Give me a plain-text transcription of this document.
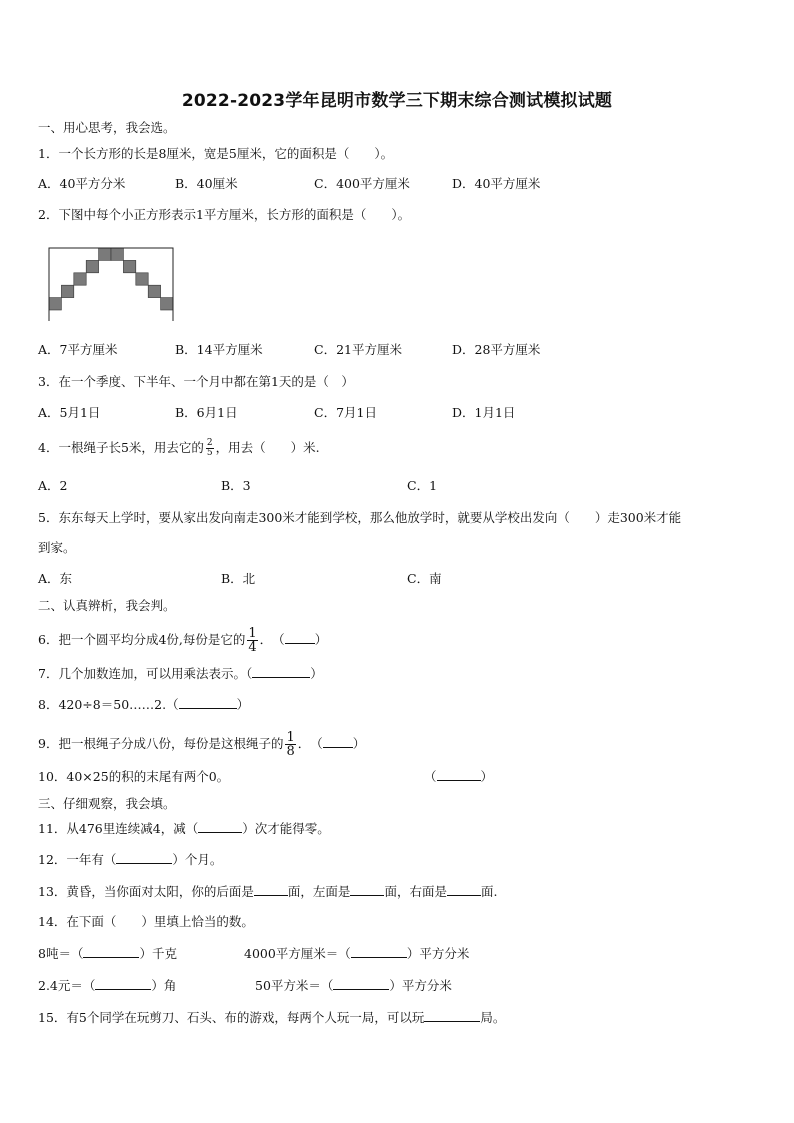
2022-2023学年昆明市数学三下期末综合测试模拟试题
一、用心思考，我会选。
1．一个长方形的长是8厘米，宽是5厘米，它的面积是（　　）。
A．40平方分米	B．40厘米	C．400平方厘米	D．40平方厘米
2．下图中每个小正方形表示1平方厘米，长方形的面积是（　　）。
A．7平方厘米	B．14平方厘米	C．21平方厘米	D．28平方厘米
3．在一个季度、下半年、一个月中都在第1天的是（　）
A．5月1日	B．6月1日	C．7月1日	D．1月1日
4．一根绳子长5米，用去它的 $\frac{2}{5}$ ，用去（　　）米.
A．2	B．3	C．1
5．东东每天上学时，要从家出发向南走300米才能到学校，那么他放学时，就要从学校出发向（　　）走300米才能
到家。
A．东	B．北	C．南
二、认真辨析，我会判。
6．把一个圆平均分成4份,每份是它的 $\frac{1}{4}$ ．　（ ）
7．几个加数连加，可以用乘法表示。（	）
8．420÷8＝50……2.（	）
9．把一根绳子分成八份，每份是这根绳子的 $\frac{1}{8}$ ．　（ ）
10．40×25的积的末尾有两个0。	（	）
三、仔细观察，我会填。
11．从476里连续减4，减（	）次才能得零。
12．一年有（	）个月。
13．黄昏，当你面对太阳，你的后面是	面，左面是	面，右面是	面.
14．在下面（　　）里填上恰当的数。
8吨＝（	）千克	4000平方厘米＝（	）平方分米
2.4元＝（	）角	50平方米＝（	）平方分米
15．有5个同学在玩剪刀、石头、布的游戏，每两个人玩一局，可以玩	局。
